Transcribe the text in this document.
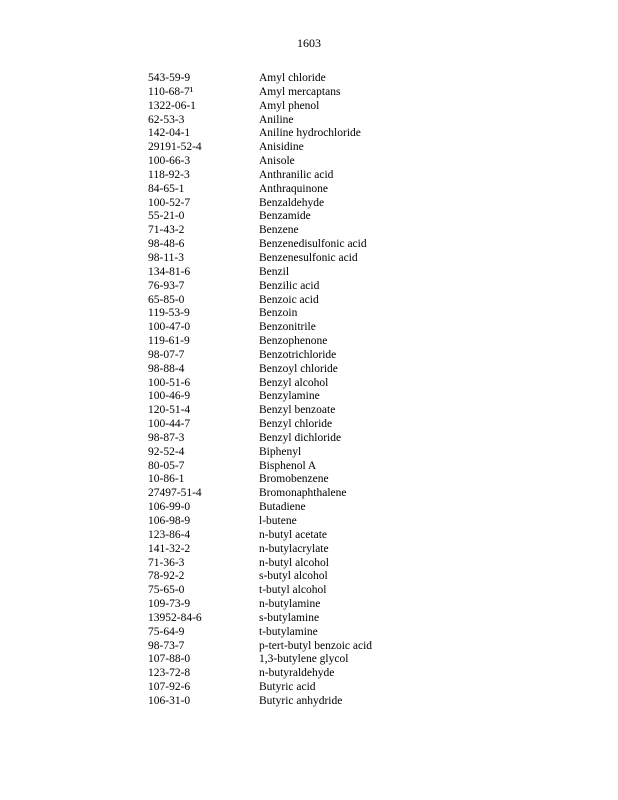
1603
543-59-9	Amyl chloride
110-68-7¹	Amyl mercaptans
1322-06-1	Amyl phenol
62-53-3	Aniline
142-04-1	Aniline hydrochloride
29191-52-4	Anisidine
100-66-3	Anisole
118-92-3	Anthranilic acid
84-65-1	Anthraquinone
100-52-7	Benzaldehyde
55-21-0	Benzamide
71-43-2	Benzene
98-48-6	Benzenedisulfonic acid
98-11-3	Benzenesulfonic acid
134-81-6	Benzil
76-93-7	Benzilic acid
65-85-0	Benzoic acid
119-53-9	Benzoin
100-47-0	Benzonitrile
119-61-9	Benzophenone
98-07-7	Benzotrichloride
98-88-4	Benzoyl chloride
100-51-6	Benzyl alcohol
100-46-9	Benzylamine
120-51-4	Benzyl benzoate
100-44-7	Benzyl chloride
98-87-3	Benzyl dichloride
92-52-4	Biphenyl
80-05-7	Bisphenol A
10-86-1	Bromobenzene
27497-51-4	Bromonaphthalene
106-99-0	Butadiene
106-98-9	l-butene
123-86-4	n-butyl acetate
141-32-2	n-butylacrylate
71-36-3	n-butyl alcohol
78-92-2	s-butyl alcohol
75-65-0	t-butyl alcohol
109-73-9	n-butylamine
13952-84-6	s-butylamine
75-64-9	t-butylamine
98-73-7	p-tert-butyl benzoic acid
107-88-0	1,3-butylene glycol
123-72-8	n-butyraldehyde
107-92-6	Butyric acid
106-31-0	Butyric anhydride
